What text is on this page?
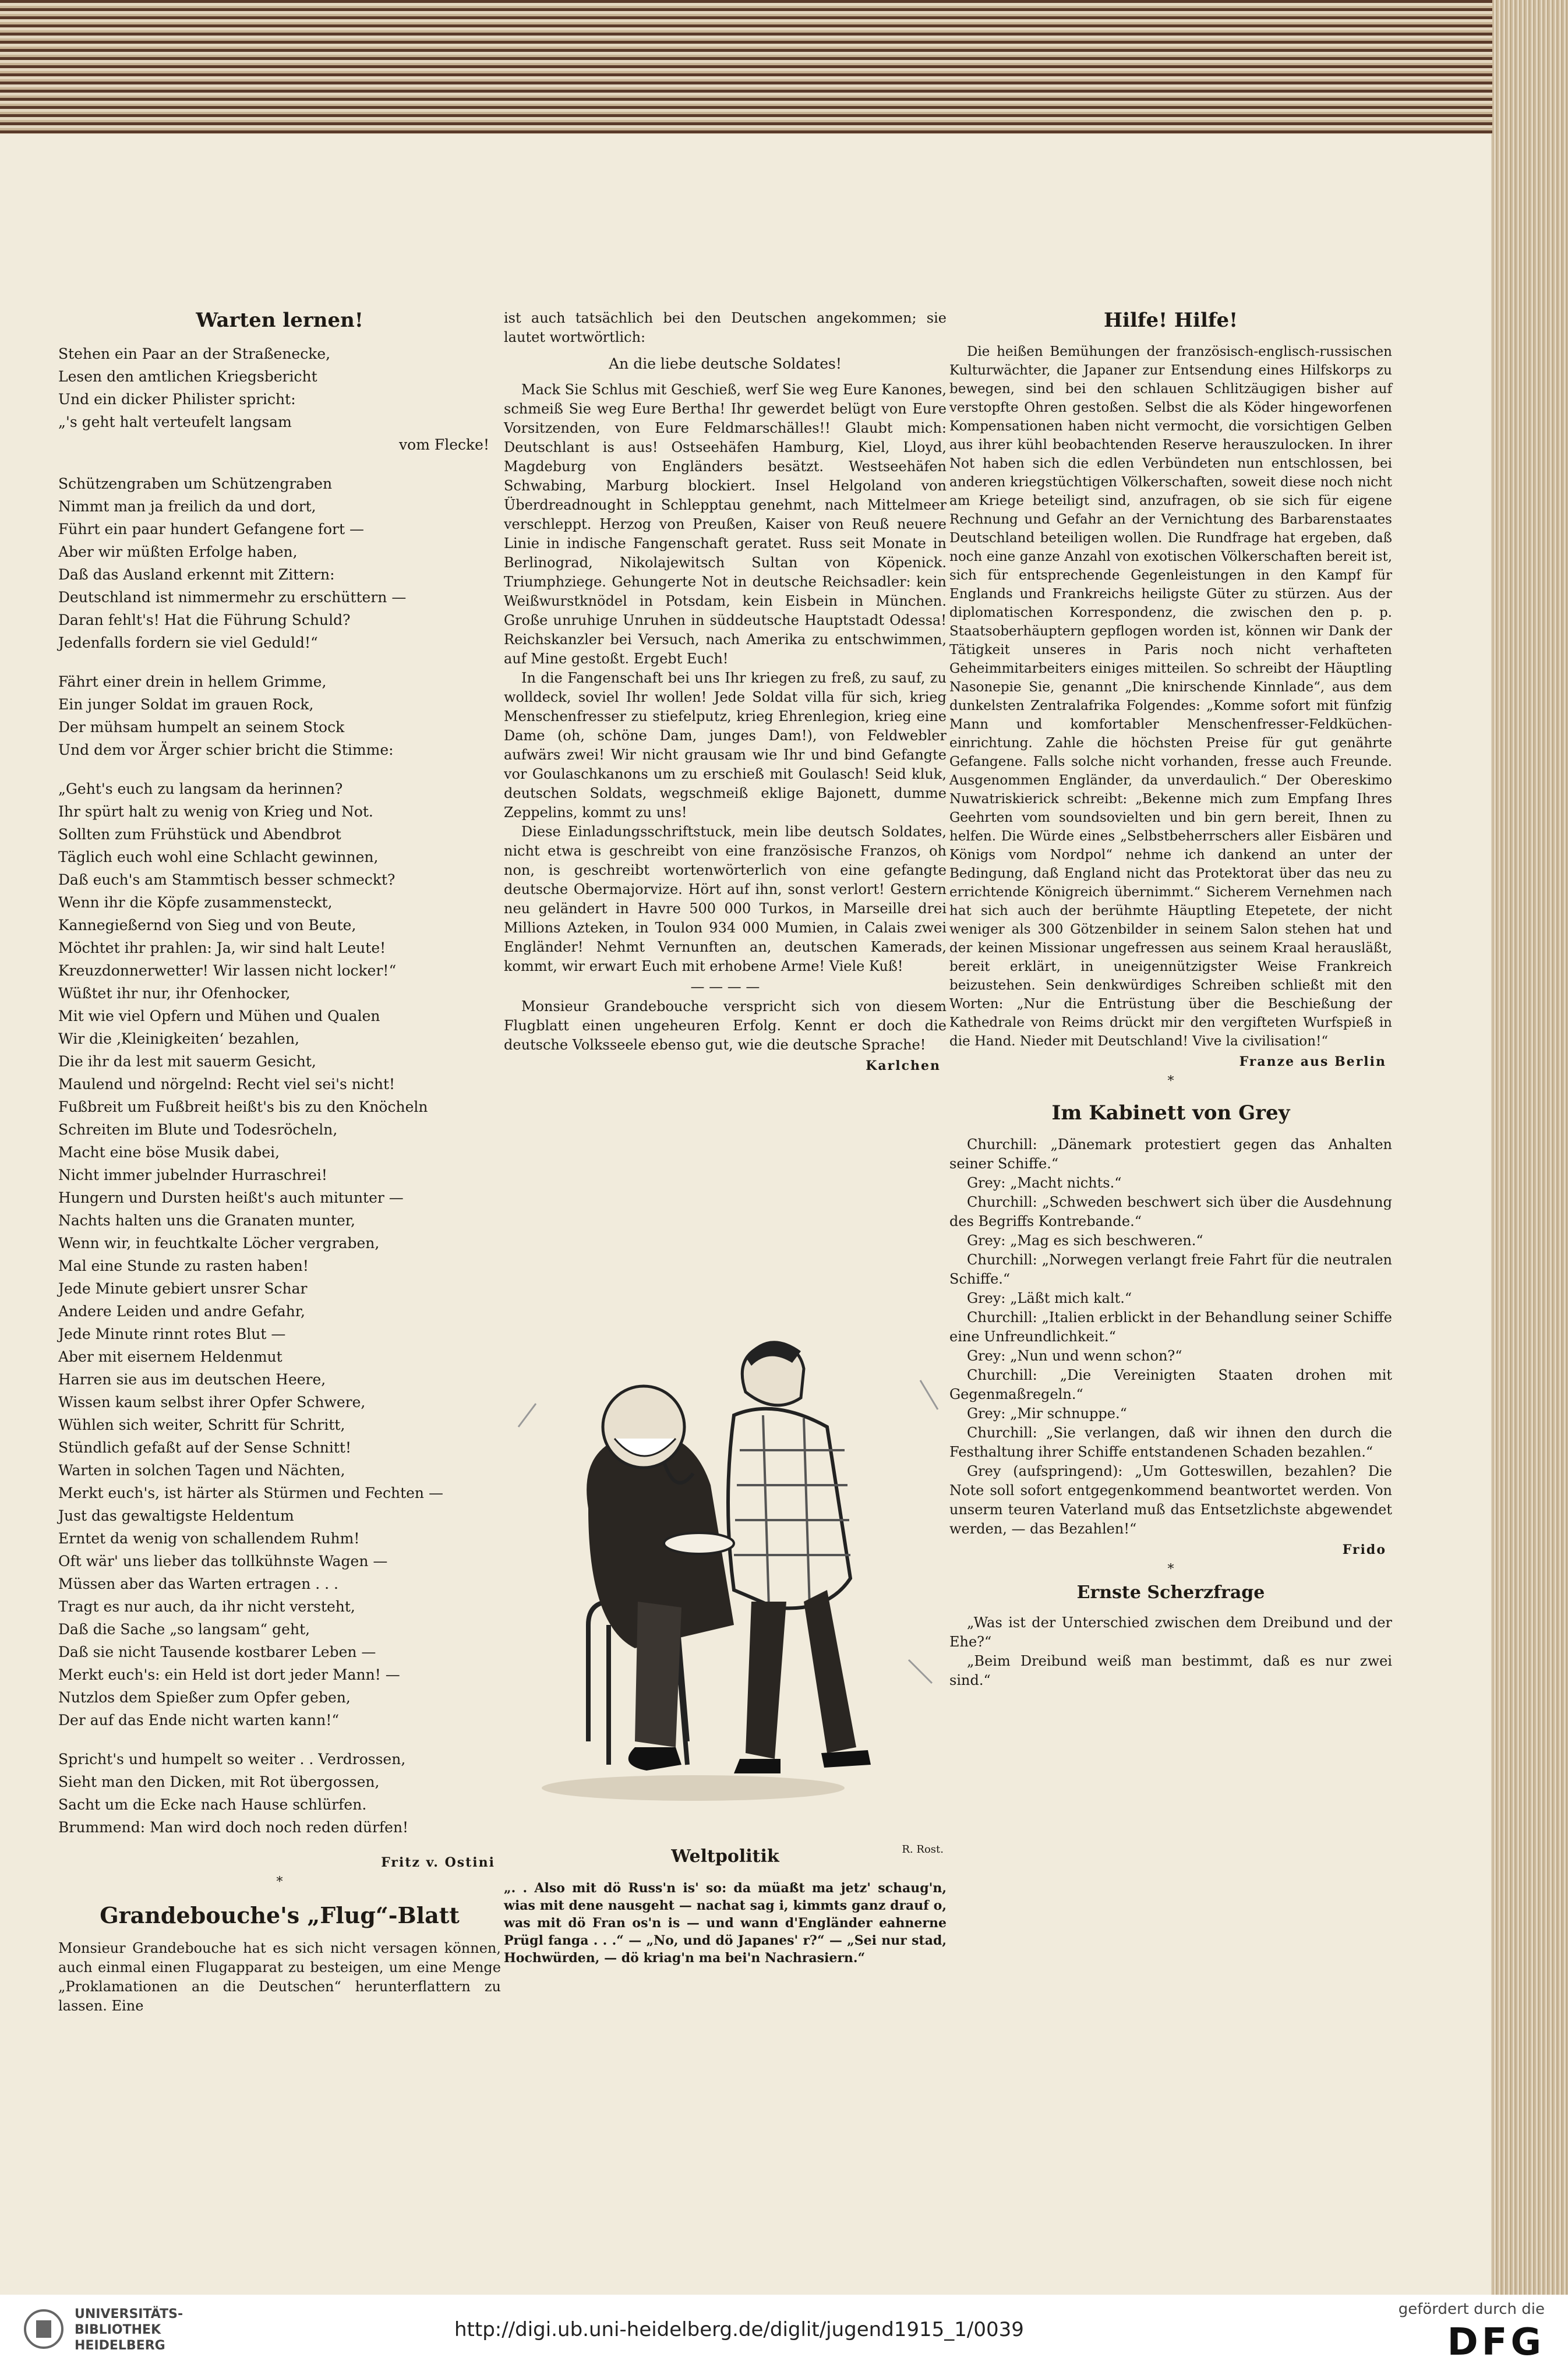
Warten lernen!
Stehen ein Paar an der Straßenecke,
Lesen den amtlichen Kriegsbericht
Und ein dicker Philister spricht:
„'s geht halt verteufelt langsam
vom Flecke!
Schützengraben um Schützengraben
Nimmt man ja freilich da und dort,
Führt ein paar hundert Gefangene fort —
Aber wir müßten Erfolge haben,
Daß das Ausland erkennt mit Zittern:
Deutschland ist nimmermehr zu erschüttern —
Daran fehlt's! Hat die Führung Schuld?
Jedenfalls fordern sie viel Geduld!“
Fährt einer drein in hellem Grimme,
Ein junger Soldat im grauen Rock,
Der mühsam humpelt an seinem Stock
Und dem vor Ärger schier bricht die Stimme:
„Geht's euch zu langsam da herinnen?
Ihr spürt halt zu wenig von Krieg und Not.
Sollten zum Frühstück und Abendbrot
Täglich euch wohl eine Schlacht gewinnen,
Daß euch's am Stammtisch besser schmeckt?
Wenn ihr die Köpfe zusammensteckt,
Kannegießernd von Sieg und von Beute,
Möchtet ihr prahlen: Ja, wir sind halt Leute!
Kreuzdonnerwetter! Wir lassen nicht locker!“
Wüßtet ihr nur, ihr Ofenhocker,
Mit wie viel Opfern und Mühen und Qualen
Wir die ‚Kleinigkeiten‘ bezahlen,
Die ihr da lest mit sauerm Gesicht,
Maulend und nörgelnd: Recht viel sei's nicht!
Fußbreit um Fußbreit heißt's bis zu den Knöcheln
Schreiten im Blute und Todesröcheln,
Macht eine böse Musik dabei,
Nicht immer jubelnder Hurraschrei!
Hungern und Dursten heißt's auch mitunter —
Nachts halten uns die Granaten munter,
Wenn wir, in feuchtkalte Löcher vergraben,
Mal eine Stunde zu rasten haben!
Jede Minute gebiert unsrer Schar
Andere Leiden und andre Gefahr,
Jede Minute rinnt rotes Blut —
Aber mit eisernem Heldenmut
Harren sie aus im deutschen Heere,
Wissen kaum selbst ihrer Opfer Schwere,
Wühlen sich weiter, Schritt für Schritt,
Stündlich gefaßt auf der Sense Schnitt!
Warten in solchen Tagen und Nächten,
Merkt euch's, ist härter als Stürmen und Fechten —
Just das gewaltigste Heldentum
Erntet da wenig von schallendem Ruhm!
Oft wär' uns lieber das tollkühnste Wagen —
Müssen aber das Warten ertragen . . .
Tragt es nur auch, da ihr nicht versteht,
Daß die Sache „so langsam“ geht,
Daß sie nicht Tausende kostbarer Leben —
Merkt euch's: ein Held ist dort jeder Mann! —
Nutzlos dem Spießer zum Opfer geben,
Der auf das Ende nicht warten kann!“
Spricht's und humpelt so weiter . . Verdrossen,
Sieht man den Dicken, mit Rot übergossen,
Sacht um die Ecke nach Hause schlürfen.
Brummend: Man wird doch noch reden dürfen!
Fritz v. Ostini
*
Grandebouche's „Flug“-Blatt

Monsieur Grandebouche hat es sich nicht versagen können, auch einmal einen Flugapparat zu besteigen, um eine Menge „Proklamationen an die Deutschen“ herunterflattern zu lassen. Eine

ist auch tatsächlich bei den Deutschen angekommen; sie lautet wortwörtlich:

An die liebe deutsche Soldates!

Mack Sie Schlus mit Geschieß, werf Sie weg Eure Kanones, schmeiß Sie weg Eure Bertha! Ihr gewerdet belügt von Eure Vorsitzenden, von Eure Feldmarschälles!! Glaubt mich: Deutschlant is aus! Ostseehäfen Hamburg, Kiel, Lloyd, Magdeburg von Engländers besätzt. Westseehäfen Schwabing, Marburg blockiert. Insel Helgoland von Überdreadnought in Schlepptau genehmt, nach Mittelmeer verschleppt. Herzog von Preußen, Kaiser von Reuß neuere Linie in indische Fangenschaft geratet. Russ seit Monate in Berlinograd, Nikolajewitsch Sultan von Köpenick. Triumphziege. Gehungerte Not in deutsche Reichsadler: kein Weißwurstknödel in Potsdam, kein Eisbein in München. Große unruhige Unruhen in süddeutsche Hauptstadt Odessa! Reichskanzler bei Versuch, nach Amerika zu entschwimmen, auf Mine gestoßt. Ergebt Euch!

In die Fangenschaft bei uns Ihr kriegen zu freß, zu sauf, zu wolldeck, soviel Ihr wollen! Jede Soldat villa für sich, krieg Menschenfresser zu stiefelputz, krieg Ehrenlegion, krieg eine Dame (oh, schöne Dam, junges Dam!), von Feldwebler aufwärs zwei! Wir nicht grausam wie Ihr und bind Gefangte vor Goulaschkanons um zu erschieß mit Goulasch! Seid kluk, deutschen Soldats, wegschmeiß eklige Bajonett, dumme Zeppelins, kommt zu uns!

Diese Einladungsschriftstuck, mein libe deutsch Soldates, nicht etwa is geschreibt von eine französische Franzos, oh non, is geschreibt wortenwörterlich von eine gefangte deutsche Obermajorvize. Hört auf ihn, sonst verlort! Gestern neu geländert in Havre 500 000 Turkos, in Marseille drei Millions Azteken, in Toulon 934 000 Mumien, in Calais zwei Engländer! Nehmt Vernunften an, deutschen Kamerads, kommt, wir erwart Euch mit erhobene Arme! Viele Kuß!

— — — —

Monsieur Grandebouche verspricht sich von diesem Flugblatt einen ungeheuren Erfolg. Kennt er doch die deutsche Volksseele ebenso gut, wie die deutsche Sprache!

Karlchen
R. Rost.
Weltpolitik

„. . Also mit dö Russ'n is' so: da müaßt ma jetz' schaug'n, wias mit dene nausgeht — nachat sag i, kimmts ganz drauf o, was mit dö Fran os'n is — und wann d'Engländer eahnerne Prügl fanga . . .“ — „No, und dö Japanes' r?“ — „Sei nur stad, Hochwürden, — dö kriag'n ma bei'n Nachrasiern.“

Hilfe! Hilfe!

Die heißen Bemühungen der französisch-englisch-russischen Kulturwächter, die Japaner zur Entsendung eines Hilfskorps zu bewegen, sind bei den schlauen Schlitzäugigen bisher auf verstopfte Ohren gestoßen. Selbst die als Köder hingeworfenen Kompensationen haben nicht vermocht, die vorsichtigen Gelben aus ihrer kühl beobachtenden Reserve herauszulocken. In ihrer Not haben sich die edlen Verbündeten nun entschlossen, bei anderen kriegstüchtigen Völkerschaften, soweit diese noch nicht am Kriege beteiligt sind, anzufragen, ob sie sich für eigene Rechnung und Gefahr an der Vernichtung des Barbarenstaates Deutschland beteiligen wollen. Die Rundfrage hat ergeben, daß noch eine ganze Anzahl von exotischen Völkerschaften bereit ist, sich für entsprechende Gegenleistungen in den Kampf für Englands und Frankreichs heiligste Güter zu stürzen. Aus der diplomatischen Korrespondenz, die zwischen den p. p. Staatsoberhäuptern gepflogen worden ist, können wir Dank der Tätigkeit unseres in Paris noch nicht verhafteten Geheimmitarbeiters einiges mitteilen. So schreibt der Häuptling Nasonepie Sie, genannt „Die knirschende Kinnlade“, aus dem dunkelsten Zentralafrika Folgendes: „Komme sofort mit fünfzig Mann und komfortabler Menschenfresser-Feldküchen-einrichtung. Zahle die höchsten Preise für gut genährte Gefangene. Falls solche nicht vorhanden, fresse auch Freunde. Ausgenommen Engländer, da unverdaulich.“ Der Obereskimo Nuwatriskierick schreibt: „Bekenne mich zum Empfang Ihres Geehrten vom soundsovielten und bin gern bereit, Ihnen zu helfen. Die Würde eines „Selbstbeherrschers aller Eisbären und Königs vom Nordpol“ nehme ich dankend an unter der Bedingung, daß England nicht das Protektorat über das neu zu errichtende Königreich übernimmt.“ Sicherem Vernehmen nach hat sich auch der berühmte Häuptling Etepetete, der nicht weniger als 300 Götzenbilder in seinem Salon stehen hat und der keinen Missionar ungefressen aus seinem Kraal herausläßt, bereit erklärt, in uneigennützigster Weise Frankreich beizustehen. Sein denkwürdiges Schreiben schließt mit den Worten: „Nur die Entrüstung über die Beschießung der Kathedrale von Reims drückt mir den vergifteten Wurfspieß in die Hand. Nieder mit Deutschland! Vive la civilisation!“

Franze aus Berlin
*
Im Kabinett von Grey

Churchill: „Dänemark protestiert gegen das Anhalten seiner Schiffe.“

Grey: „Macht nichts.“

Churchill: „Schweden beschwert sich über die Ausdehnung des Begriffs Kontrebande.“

Grey: „Mag es sich beschweren.“

Churchill: „Norwegen verlangt freie Fahrt für die neutralen Schiffe.“

Grey: „Läßt mich kalt.“

Churchill: „Italien erblickt in der Behandlung seiner Schiffe eine Unfreundlichkeit.“

Grey: „Nun und wenn schon?“

Churchill: „Die Vereinigten Staaten drohen mit Gegenmaßregeln.“

Grey: „Mir schnuppe.“

Churchill: „Sie verlangen, daß wir ihnen den durch die Festhaltung ihrer Schiffe entstandenen Schaden bezahlen.“

Grey (aufspringend): „Um Gotteswillen, bezahlen? Die Note soll sofort entgegenkommend beantwortet werden. Von unserm teuren Vaterland muß das Entsetzlichste abgewendet werden, — das Bezahlen!“

Frido
*
Ernste Scherzfrage

„Was ist der Unterschied zwischen dem Dreibund und der Ehe?“

„Beim Dreibund weiß man bestimmt, daß es nur zwei sind.“

UNIVERSITÄTS-
BIBLIOTHEK
HEIDELBERG
http://digi.ub.uni-heidelberg.de/diglit/jugend1915_1/0039
gefördert durch die
DFG
